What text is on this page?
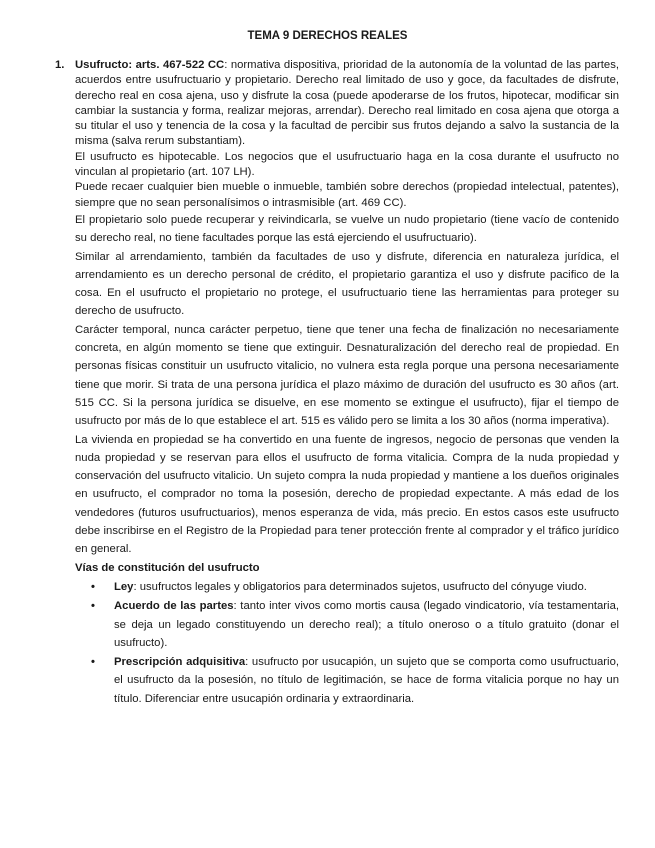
TEMA 9 DERECHOS REALES
1. Usufructo: arts. 467-522 CC: normativa dispositiva, prioridad de la autonomía de la voluntad de las partes, acuerdos entre usufructuario y propietario. Derecho real limitado de uso y goce, da facultades de disfrute, derecho real en cosa ajena, uso y disfrute la cosa (puede apoderarse de los frutos, hipotecar, modificar sin cambiar la sustancia y forma, realizar mejoras, arrendar). Derecho real limitado en cosa ajena que otorga a su titular el uso y tenencia de la cosa y la facultad de percibir sus frutos dejando a salvo la sustancia de la misma (salva rerum substantiam).

El usufructo es hipotecable. Los negocios que el usufructuario haga en la cosa durante el usufructo no vinculan al propietario (art. 107 LH).

Puede recaer cualquier bien mueble o inmueble, también sobre derechos (propiedad intelectual, patentes), siempre que no sean personalísimos o intrasmisible (art. 469 CC).

El propietario solo puede recuperar y reivindicarla, se vuelve un nudo propietario (tiene vacío de contenido su derecho real, no tiene facultades porque las está ejerciendo el usufructuario).

Similar al arrendamiento, también da facultades de uso y disfrute, diferencia en naturaleza jurídica, el arrendamiento es un derecho personal de crédito, el propietario garantiza el uso y disfrute pacifico de la cosa. En el usufructo el propietario no protege, el usufructuario tiene las herramientas para proteger su derecho de usufructo.

Carácter temporal, nunca carácter perpetuo, tiene que tener una fecha de finalización no necesariamente concreta, en algún momento se tiene que extinguir. Desnaturalización del derecho real de propiedad. En personas físicas constituir un usufructo vitalicio, no vulnera esta regla porque una persona necesariamente tiene que morir. Si trata de una persona jurídica el plazo máximo de duración del usufructo es 30 años (art. 515 CC. Si la persona jurídica se disuelve, en ese momento se extingue el usufructo), fijar el tiempo de usufructo por más de lo que establece el art. 515 es válido pero se limita a los 30 años (norma imperativa).

La vivienda en propiedad se ha convertido en una fuente de ingresos, negocio de personas que venden la nuda propiedad y se reservan para ellos el usufructo de forma vitalicia. Compra de la nuda propiedad y conservación del usufructo vitalicio. Un sujeto compra la nuda propiedad y mantiene a los dueños originales en usufructo, el comprador no toma la posesión, derecho de propiedad expectante. A más edad de los vendedores (futuros usufructuarios), menos esperanza de vida, más precio. En estos casos este usufructo debe inscribirse en el Registro de la Propiedad para tener protección frente al comprador y el tráfico jurídico en general.

Vías de constitución del usufructo

• Ley: usufructos legales y obligatorios para determinados sujetos, usufructo del cónyuge viudo.
• Acuerdo de las partes: tanto inter vivos como mortis causa (legado vindicatorio, vía testamentaria, se deja un legado constituyendo un derecho real); a título oneroso o a título gratuito (donar el usufructo).
• Prescripción adquisitiva: usufructo por usucapión, un sujeto que se comporta como usufructuario, el usufructo da la posesión, no título de legitimación, se hace de forma vitalicia porque no hay un título. Diferenciar entre usucapión ordinaria y extraordinaria.
